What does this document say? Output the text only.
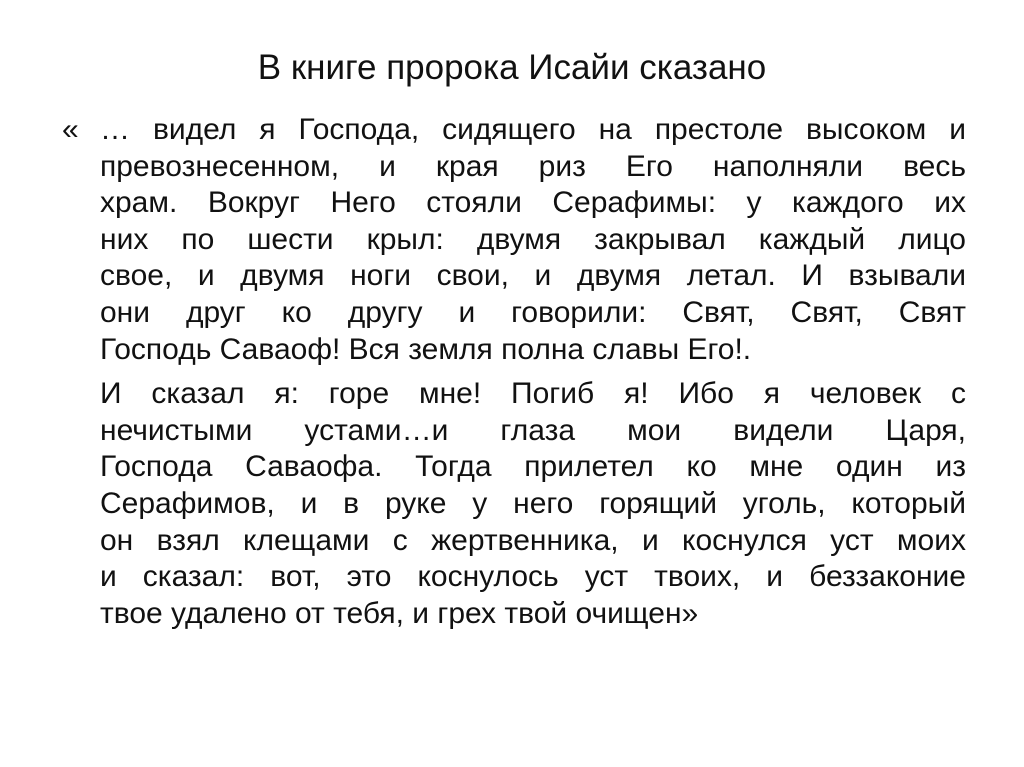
В книге пророка Исайи сказано
« … видел я Господа, сидящего на престоле высоком и
превознесенном, и края риз Его наполняли весь
храм. Вокруг Него стояли Серафимы: у каждого их
них по шести крыл: двумя закрывал каждый лицо
свое, и двумя ноги свои, и двумя летал. И взывали
они друг ко другу и говорили: Свят, Свят, Свят
Господь Саваоф! Вся земля полна славы Его!.
И сказал я: горе мне! Погиб я! Ибо я человек с
нечистыми устами…и глаза мои видели Царя,
Господа Саваофа. Тогда прилетел ко мне один из
Серафимов, и в руке у него горящий уголь, который
он взял клещами с жертвенника, и коснулся уст моих
и сказал: вот, это коснулось уст твоих, и беззаконие
твое удалено от тебя, и грех твой очищен»
